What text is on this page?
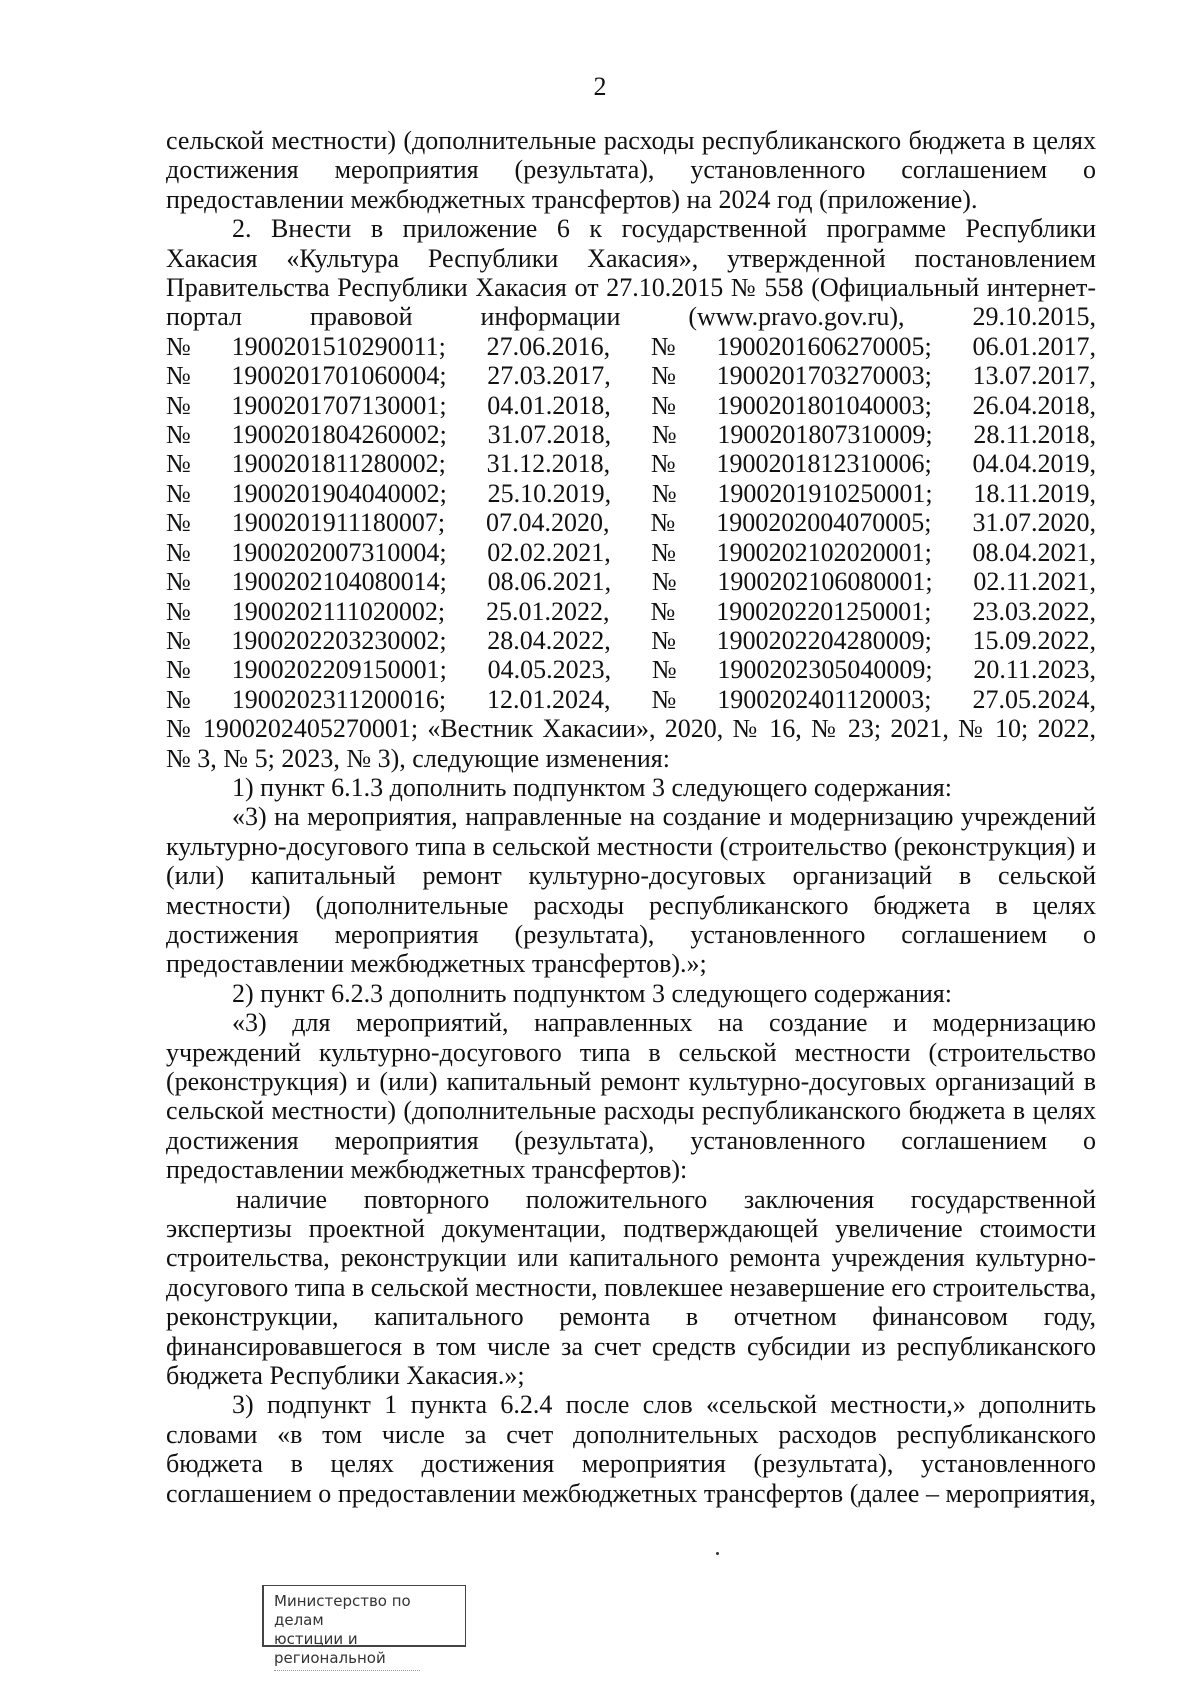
2

сельской местности) (дополнительные расходы республиканского бюджета в целях

достижения мероприятия (результата), установленного соглашением о

предоставлении межбюджетных трансфертов) на 2024 год (приложение).

2. Внести в приложение 6 к государственной программе Республики

Хакасия «Культура Республики Хакасия», утвержденной постановлением

Правительства Республики Хакасия от 27.10.2015 № 558 (Официальный интернет-

портал правовой информации (www.pravo.gov.ru), 29.10.2015,

№ 1900201510290011; 27.06.2016, № 1900201606270005; 06.01.2017,
№ 1900201701060004; 27.03.2017, № 1900201703270003; 13.07.2017,
№ 1900201707130001; 04.01.2018, № 1900201801040003; 26.04.2018,
№ 1900201804260002; 31.07.2018, № 1900201807310009; 28.11.2018,
№ 1900201811280002; 31.12.2018, № 1900201812310006; 04.04.2019,
№ 1900201904040002; 25.10.2019, № 1900201910250001; 18.11.2019,
№ 1900201911180007; 07.04.2020, № 1900202004070005; 31.07.2020,
№ 1900202007310004; 02.02.2021, № 1900202102020001; 08.04.2021,
№ 1900202104080014; 08.06.2021, № 1900202106080001; 02.11.2021,
№ 1900202111020002; 25.01.2022, № 1900202201250001; 23.03.2022,
№ 1900202203230002; 28.04.2022, № 1900202204280009; 15.09.2022,
№ 1900202209150001; 04.05.2023, № 1900202305040009; 20.11.2023,
№ 1900202311200016; 12.01.2024, № 1900202401120003; 27.05.2024,

№ 1900202405270001; «Вестник Хакасии», 2020, № 16, № 23; 2021, № 10; 2022,

№ 3, № 5; 2023, № 3), следующие изменения:

1) пункт 6.1.3 дополнить подпунктом 3 следующего содержания:

«3) на мероприятия, направленные на создание и модернизацию учреждений

культурно-досугового типа в сельской местности (строительство (реконструкция) и

(или) капитальный ремонт культурно-досуговых организаций в сельской

местности) (дополнительные расходы республиканского бюджета в целях

достижения мероприятия (результата), установленного соглашением о

предоставлении межбюджетных трансфертов).»;

2) пункт 6.2.3 дополнить подпунктом 3 следующего содержания:

«3) для мероприятий, направленных на создание и модернизацию

учреждений культурно-досугового типа в сельской местности (строительство

(реконструкция) и (или) капитальный ремонт культурно-досуговых организаций в

сельской местности) (дополнительные расходы республиканского бюджета в целях

достижения мероприятия (результата), установленного соглашением о

предоставлении межбюджетных трансфертов):

наличие повторного положительного заключения государственной

экспертизы проектной документации, подтверждающей увеличение стоимости

строительства, реконструкции или капитального ремонта учреждения культурно-

досугового типа в сельской местности, повлекшее незавершение его строительства,

реконструкции, капитального ремонта в отчетном финансовом году,

финансировавшегося в том числе за счет средств субсидии из республиканского

бюджета Республики Хакасия.»;

3) подпункт 1 пункта 6.2.4 после слов «сельской местности,» дополнить

словами «в том числе за счет дополнительных расходов республиканского

бюджета в целях достижения мероприятия (результата), установленного

соглашением о предоставлении межбюджетных трансфертов (далее – мероприятия,

Министерство по делам
юстиции и региональной
